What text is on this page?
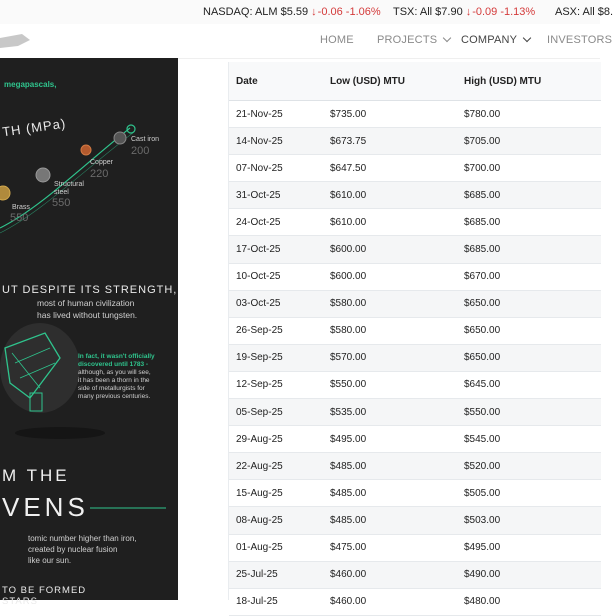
NASDAQ: ALM $5.59 ↓-0.06 -1.06% TSX: All $7.90 ↓-0.09 -1.13% ASX: All $8.
HOME PROJECTS	COMPANY	INVESTORS
megapascals,
TH (MPa)
Cast iron
200
Copper
220
Structural
steel
550
Brass
550
UT DESPITE ITS STRENGTH,
most of human civilization
has lived without tungsten.
In fact, it wasn't officially
discovered until 1783 -
although, as you will see,
it has been a thorn in the
side of metallurgists for
many previous centuries.
M THE
VENS
tomic number higher than iron,
created by nuclear fusion
like our sun.
TO BE FORMED
STARS
Date	Low (USD) MTU	High (USD) MTU
21-Nov-25	$735.00	$780.00
14-Nov-25	$673.75	$705.00
07-Nov-25	$647.50	$700.00
31-Oct-25	$610.00	$685.00
24-Oct-25	$610.00	$685.00
17-Oct-25	$600.00	$685.00
10-Oct-25	$600.00	$670.00
03-Oct-25	$580.00	$650.00
26-Sep-25	$580.00	$650.00
19-Sep-25	$570.00	$650.00
12-Sep-25	$550.00	$645.00
05-Sep-25	$535.00	$550.00
29-Aug-25	$495.00	$545.00
22-Aug-25	$485.00	$520.00
15-Aug-25	$485.00	$505.00
08-Aug-25	$485.00	$503.00
01-Aug-25	$475.00	$495.00
25-Jul-25	$460.00	$490.00
18-Jul-25	$460.00	$480.00
